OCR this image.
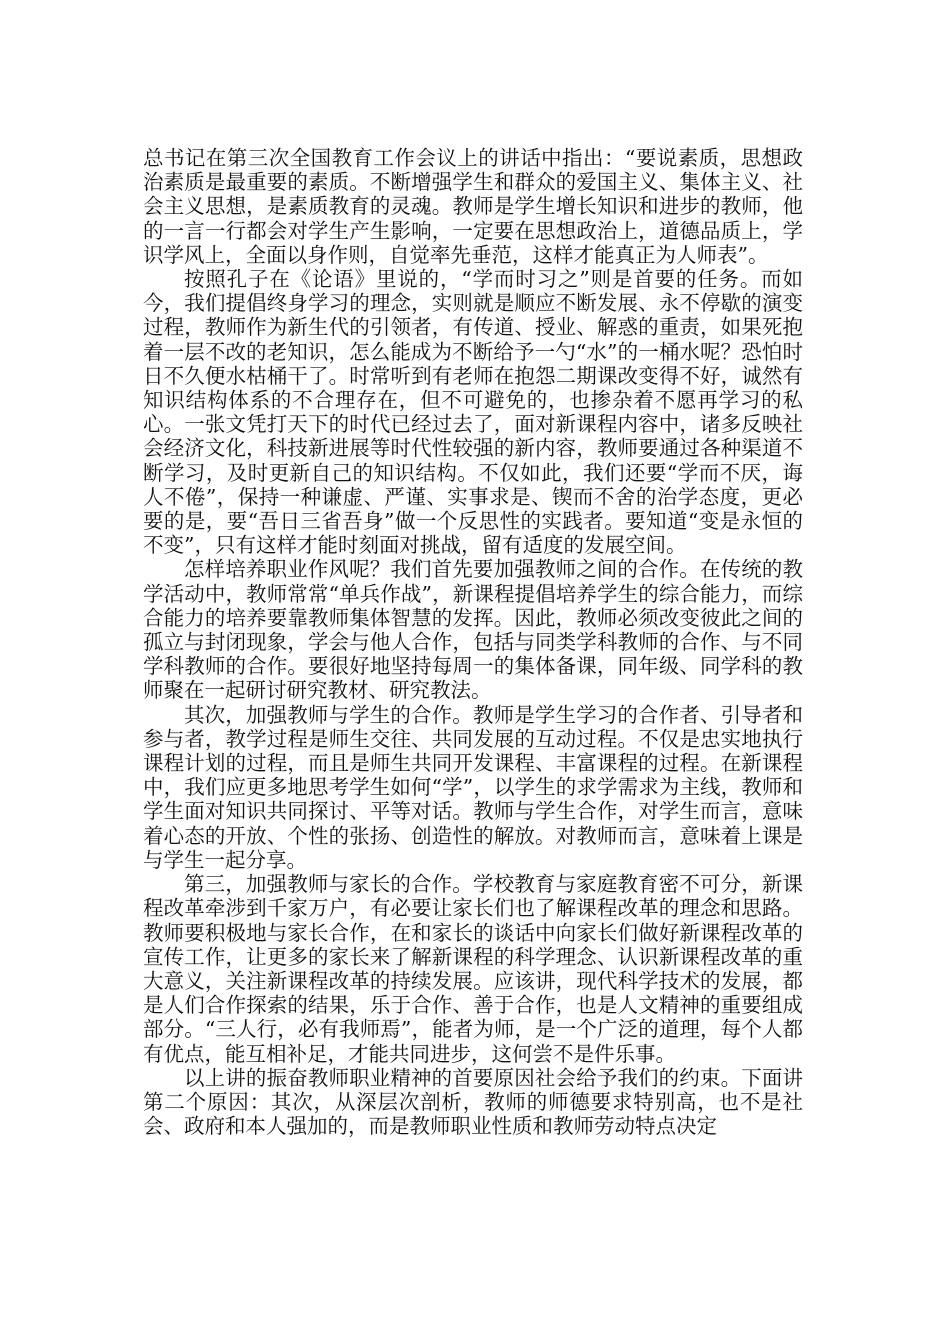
总书记在第三次全国教育工作会议上的讲话中指出：“要说素质，思想政治素质是最重要的素质。不断增强学生和群众的爱国主义、集体主义、社会主义思想，是素质教育的灵魂。教师是学生增长知识和进步的教师，他的一言一行都会对学生产生影响，一定要在思想政治上，道德品质上，学识学风上，全面以身作则，自觉率先垂范，这样才能真正为人师表”。

按照孔子在《论语》里说的，“学而时习之”则是首要的任务。而如今，我们提倡终身学习的理念，实则就是顺应不断发展、永不停歇的演变过程，教师作为新生代的引领者，有传道、授业、解惑的重责，如果死抱着一层不改的老知识，怎么能成为不断给予一勺“水”的一桶水呢？恐怕时日不久便水枯桶干了。时常听到有老师在抱怨二期课改变得不好，诚然有知识结构体系的不合理存在，但不可避免的，也掺杂着不愿再学习的私心。一张文凭打天下的时代已经过去了，面对新课程内容中，诸多反映社会经济文化，科技新进展等时代性较强的新内容，教师要通过各种渠道不断学习，及时更新自己的知识结构。不仅如此，我们还要“学而不厌，诲人不倦”，保持一种谦虚、严谨、实事求是、锲而不舍的治学态度，更必要的是，要“吾日三省吾身”做一个反思性的实践者。要知道“变是永恒的不变”，只有这样才能时刻面对挑战，留有适度的发展空间。

怎样培养职业作风呢？我们首先要加强教师之间的合作。在传统的教学活动中，教师常常“单兵作战”，新课程提倡培养学生的综合能力，而综合能力的培养要靠教师集体智慧的发挥。因此，教师必须改变彼此之间的孤立与封闭现象，学会与他人合作，包括与同类学科教师的合作、与不同学科教师的合作。要很好地坚持每周一的集体备课，同年级、同学科的教师聚在一起研讨研究教材、研究教法。

其次，加强教师与学生的合作。教师是学生学习的合作者、引导者和参与者，教学过程是师生交往、共同发展的互动过程。不仅是忠实地执行课程计划的过程，而且是师生共同开发课程、丰富课程的过程。在新课程中，我们应更多地思考学生如何“学”，以学生的求学需求为主线，教师和学生面对知识共同探讨、平等对话。教师与学生合作，对学生而言，意味着心态的开放、个性的张扬、创造性的解放。对教师而言，意味着上课是与学生一起分享。

第三，加强教师与家长的合作。学校教育与家庭教育密不可分，新课程改革牵涉到千家万户，有必要让家长们也了解课程改革的理念和思路。教师要积极地与家长合作，在和家长的谈话中向家长们做好新课程改革的宣传工作，让更多的家长来了解新课程的科学理念、认识新课程改革的重大意义，关注新课程改革的持续发展。应该讲，现代科学技术的发展，都是人们合作探索的结果，乐于合作、善于合作，也是人文精神的重要组成部分。“三人行，必有我师焉”，能者为师，是一个广泛的道理，每个人都有优点，能互相补足，才能共同进步，这何尝不是件乐事。

以上讲的振奋教师职业精神的首要原因社会给予我们的约束。下面讲第二个原因：其次，从深层次剖析，教师的师德要求特别高，也不是社会、政府和本人强加的，而是教师职业性质和教师劳动特点决定
